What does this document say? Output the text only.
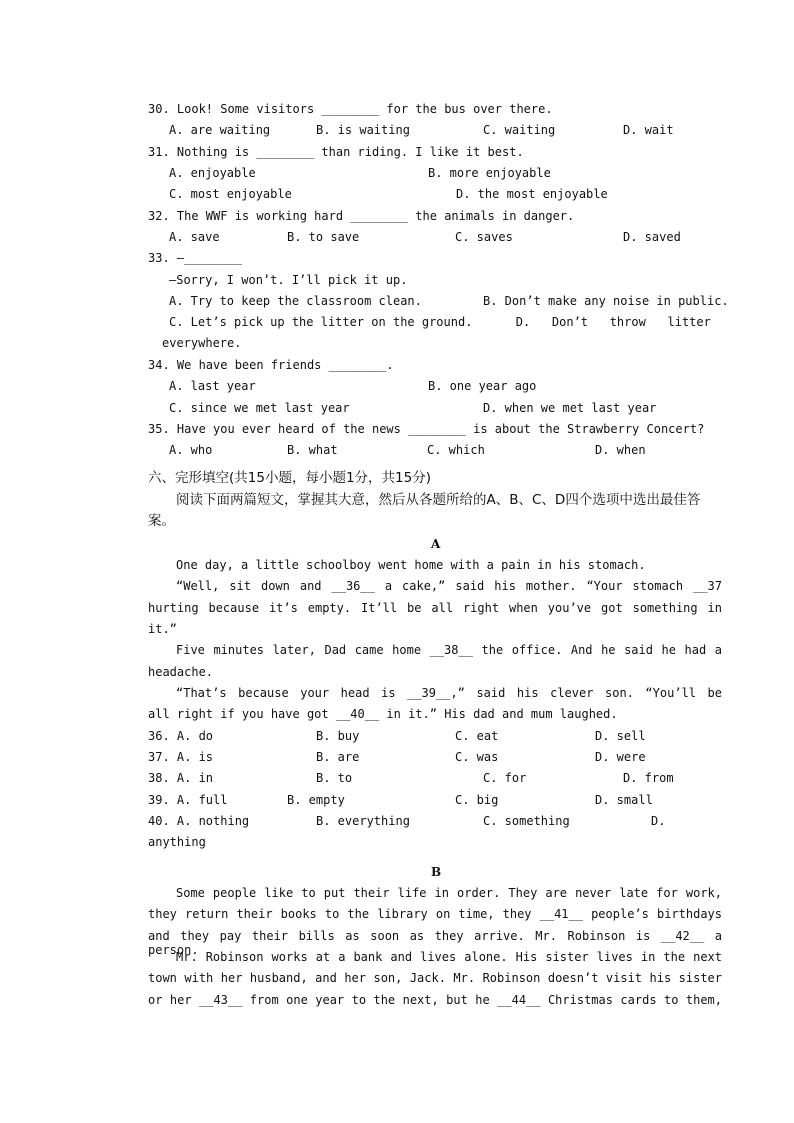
30. Look! Some visitors ________ for the bus over there.
A. are waiting	B. is waiting	C. waiting	D. wait
31. Nothing is ________ than riding. I like it best.
A. enjoyable	B. more enjoyable
C. most enjoyable	D. the most enjoyable
32. The WWF is working hard ________ the animals in danger.
A. save	B. to save	C. saves	D. saved
33. —________
—Sorry, I won’t. I’ll pick it up.
A. Try to keep the classroom clean.	B. Don’t make any noise in public.
C. Let’s pick up the litter on the ground.      D.   Don’t   throw   litter
everywhere.
34. We have been friends ________.
A. last year	B. one year ago
C. since we met last year	D. when we met last year
35. Have you ever heard of the news ________ is about the Strawberry Concert?
A. who	B. what	C. which	D. when
六、完形填空(共15小题，每小题1分，共15分)
阅读下面两篇短文，掌握其大意，然后从各题所给的A、B、C、D四个选项中选出最佳答
案。
A
One day, a little schoolboy went home with a pain in his stomach.
“Well, sit down and __36__ a cake,” said his mother. “Your stomach __37
hurting because it’s empty. It’ll be all right when you’ve got something in
it.”
Five minutes later, Dad came home __38__ the office. And he said he had a
headache.
“That’s because your head is __39__,” said his clever son. “You’ll be
all right if you have got __40__ in it.” His dad and mum laughed.
36. A. do	B. buy	C. eat	D. sell
37. A. is	B. are	C. was	D. were
38. A. in	B. to	C. for	D. from
39. A. full	B. empty	C. big	D. small
40. A. nothing	B. everything	C. something	D.
anything
B
Some people like to put their life in order. They are never late for work,
they return their books to the library on time, they __41__ people’s birthdays
and they pay their bills as soon as they arrive. Mr. Robinson is __42__ a person.
Mr. Robinson works at a bank and lives alone. His sister lives in the next
town with her husband, and her son, Jack. Mr. Robinson doesn’t visit his sister
or her __43__ from one year to the next, but he __44__ Christmas cards to them,
